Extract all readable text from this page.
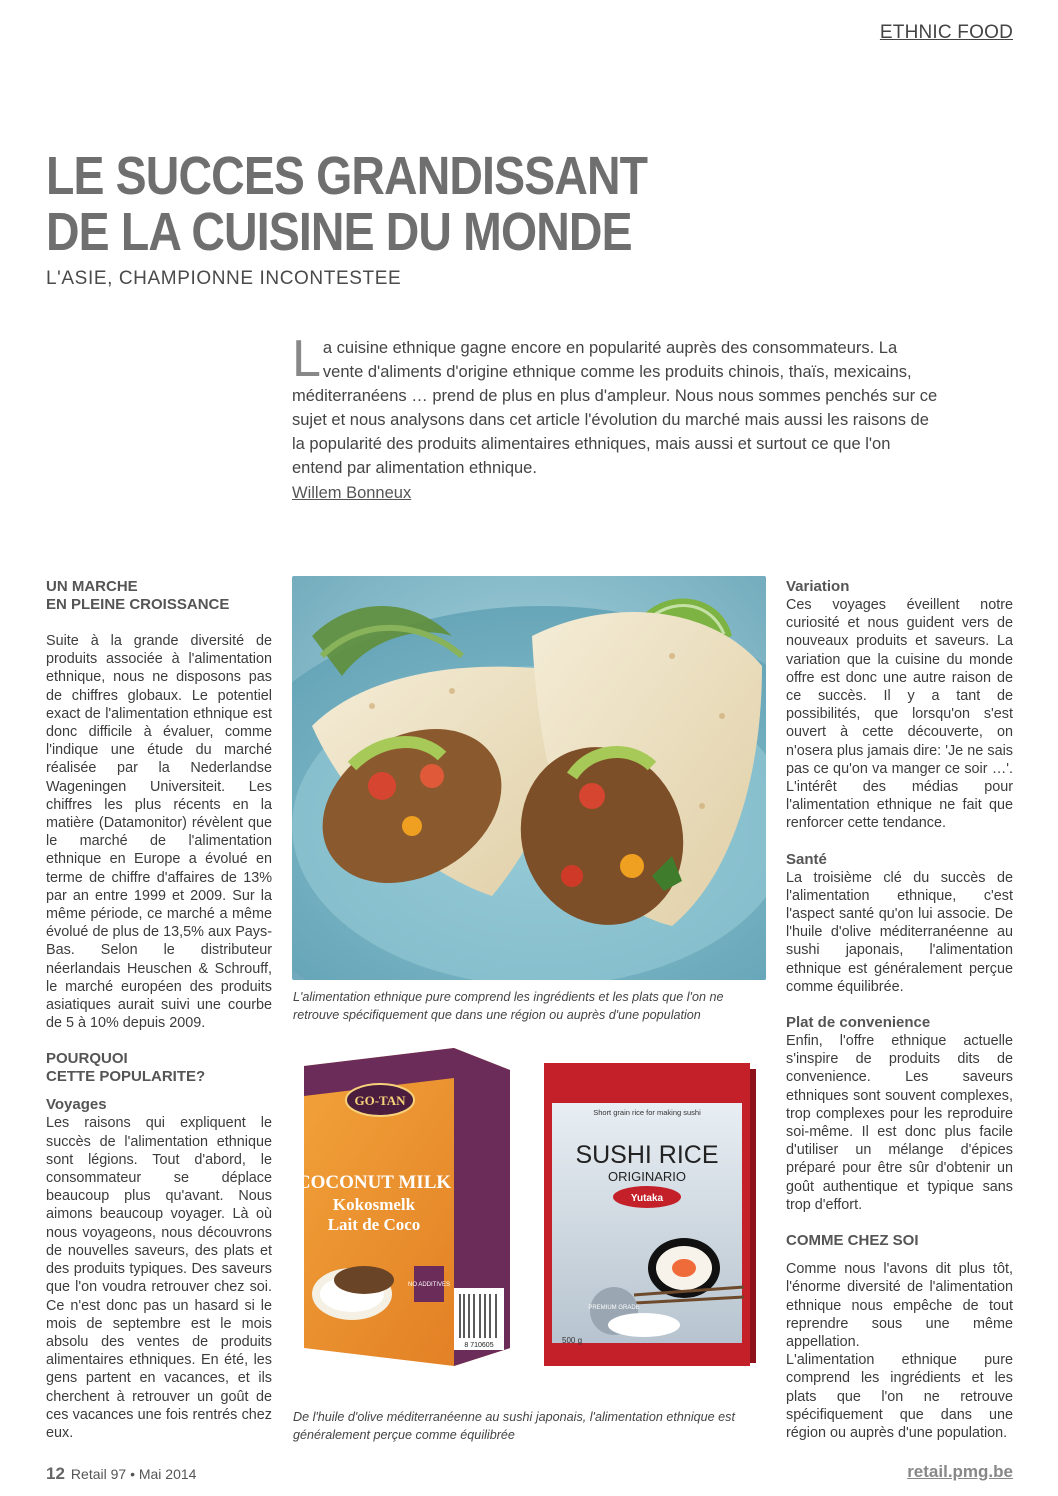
ETHNIC FOOD
LE SUCCES GRANDISSANT
DE LA CUISINE DU MONDE
L'ASIE, CHAMPIONNE INCONTESTEE
La cuisine ethnique gagne encore en popularité auprès des consommateurs. La vente d'aliments d'origine ethnique comme les produits chinois, thaïs, mexicains, méditerranéens … prend de plus en plus d'ampleur. Nous nous sommes penchés sur ce sujet et nous analysons dans cet article l'évolution du marché mais aussi les raisons de la popularité des produits alimentaires ethniques, mais aussi et surtout ce que l'on entend par alimentation ethnique.
Willem Bonneux
UN MARCHE
EN PLEINE CROISSANCE

Suite à la grande diversité de produits associée à l'alimentation ethnique, nous ne disposons pas de chiffres globaux. Le potentiel exact de l'alimentation ethnique est donc difficile à évaluer, comme l'indique une étude du marché réalisée par la Nederlandse Wageningen Universiteit. Les chiffres les plus récents en la matière (Datamonitor) révèlent que le marché de l'alimentation ethnique en Europe a évolué en terme de chiffre d'affaires de 13% par an entre 1999 et 2009. Sur la même période, ce marché a même évolué de plus de 13,5% aux Pays-Bas. Selon le distributeur néerlandais Heuschen & Schrouff, le marché européen des produits asiatiques aurait suivi une courbe de 5 à 10% depuis 2009.

POURQUOI
CETTE POPULARITE?
Voyages

Les raisons qui expliquent le succès de l'alimentation ethnique sont légions. Tout d'abord, le consommateur se déplace beaucoup plus qu'avant. Nous aimons beaucoup voyager. Là où nous voyageons, nous découvrons de nouvelles saveurs, des plats et des produits typiques. Des saveurs que l'on voudra retrouver chez soi. Ce n'est donc pas un hasard si le mois de septembre est le mois absolu des ventes de produits alimentaires ethniques. En été, les gens partent en vacances, et ils cherchent à retrouver un goût de ces vacances une fois rentrés chez eux.

L'alimentation ethnique pure comprend les ingrédients et les plats que l'on ne retrouve spécifiquement que dans une région ou auprès d'une population
GO-TAN
COCONUT MILK
Kokosmelk
Lait de Coco
NO ADDITIVES
8 710605
Short grain rice for making sushi
SUSHI RICE
ORIGINARIO
Yutaka
PREMIUM GRADE
500 g
De l'huile d'olive méditerranéenne au sushi japonais, l'alimentation ethnique est généralement perçue comme équilibrée
Variation

Ces voyages éveillent notre curiosité et nous guident vers de nouveaux produits et saveurs. La variation que la cuisine du monde offre est donc une autre raison de ce succès. Il y a tant de possibilités, que lorsqu'on s'est ouvert à cette découverte, on n'osera plus jamais dire: 'Je ne sais pas ce qu'on va manger ce soir …'. L'intérêt des médias pour l'alimentation ethnique ne fait que renforcer cette tendance.

Santé

La troisième clé du succès de l'alimentation ethnique, c'est l'aspect santé qu'on lui associe. De l'huile d'olive méditerranéenne au sushi japonais, l'alimentation ethnique est généralement perçue comme équilibrée.

Plat de convenience

Enfin, l'offre ethnique actuelle s'inspire de produits dits de convenience. Les saveurs ethniques sont souvent complexes, trop complexes pour les reproduire soi-même. Il est donc plus facile d'utiliser un mélange d'épices préparé pour être sûr d'obtenir un goût authentique et typique sans trop d'effort.

COMME CHEZ SOI

Comme nous l'avons dit plus tôt, l'énorme diversité de l'alimentation ethnique nous empêche de tout reprendre sous une même appellation.

L'alimentation ethnique pure comprend les ingrédients et les plats que l'on ne retrouve spécifiquement que dans une région ou auprès d'une population.

12 Retail 97 • Mai 2014	retail.pmg.be
